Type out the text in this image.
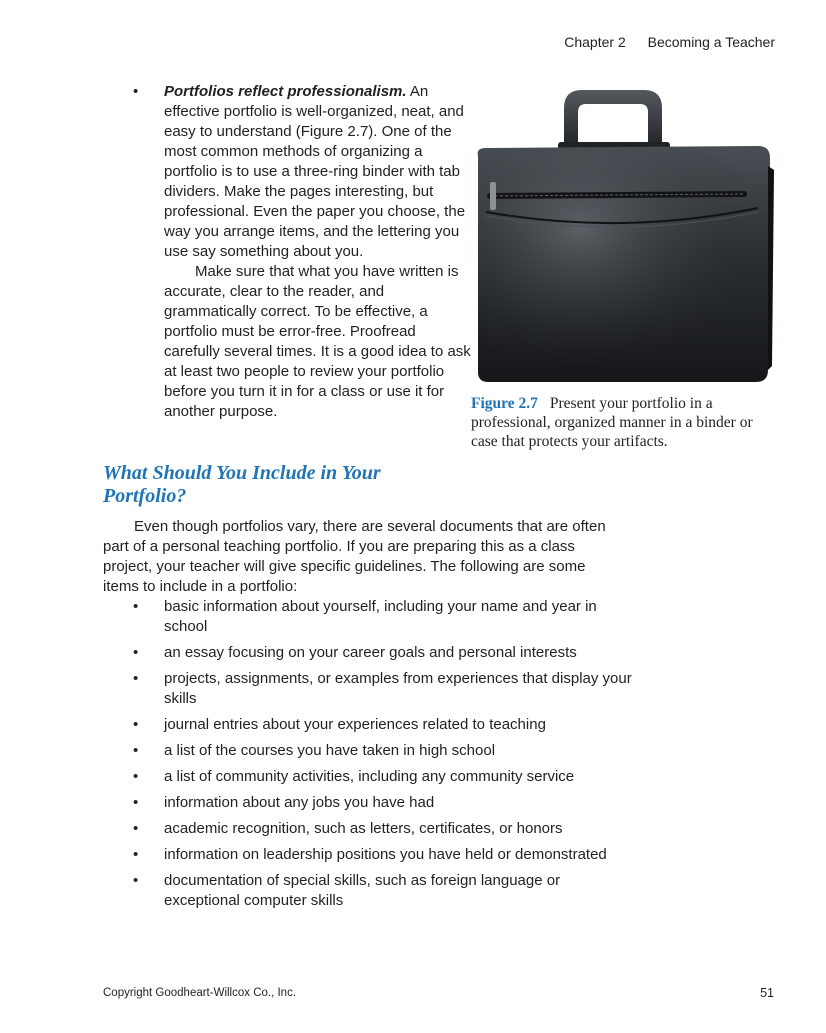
Chapter 2 Becoming a Teacher
• Portfolios reflect professionalism. An effective portfolio is well-organized, neat, and easy to understand (Figure 2.7). One of the most common methods of organizing a portfolio is to use a three-ring binder with tab dividers. Make the pages interesting, but professional. Even the paper you choose, the way you arrange items, and the lettering you use say something about you.

Make sure that what you have written is accurate, clear to the reader, and grammatically correct. To be effective, a portfolio must be error-free. Proofread carefully several times. It is a good idea to ask at least two people to review your portfolio before you turn it in for a class or use it for another purpose.	Figure 2.7 Present your portfolio in a professional, organized manner in a binder or case that protects your artifacts.
What Should You Include in Your Portfolio?

Even though portfolios vary, there are several documents that are often part of a personal teaching portfolio. If you are preparing this as a class project, your teacher will give specific guidelines. The following are some items to include in a portfolio:

• basic information about yourself, including your name and year in school
• an essay focusing on your career goals and personal interests
• projects, assignments, or examples from experiences that display your skills
• journal entries about your experiences related to teaching
• a list of the courses you have taken in high school
• a list of community activities, including any community service
• information about any jobs you have had
• academic recognition, such as letters, certificates, or honors
• information on leadership positions you have held or demonstrated
• documentation of special skills, such as foreign language or exceptional computer skills
Copyright Goodheart-Willcox Co., Inc.	51
